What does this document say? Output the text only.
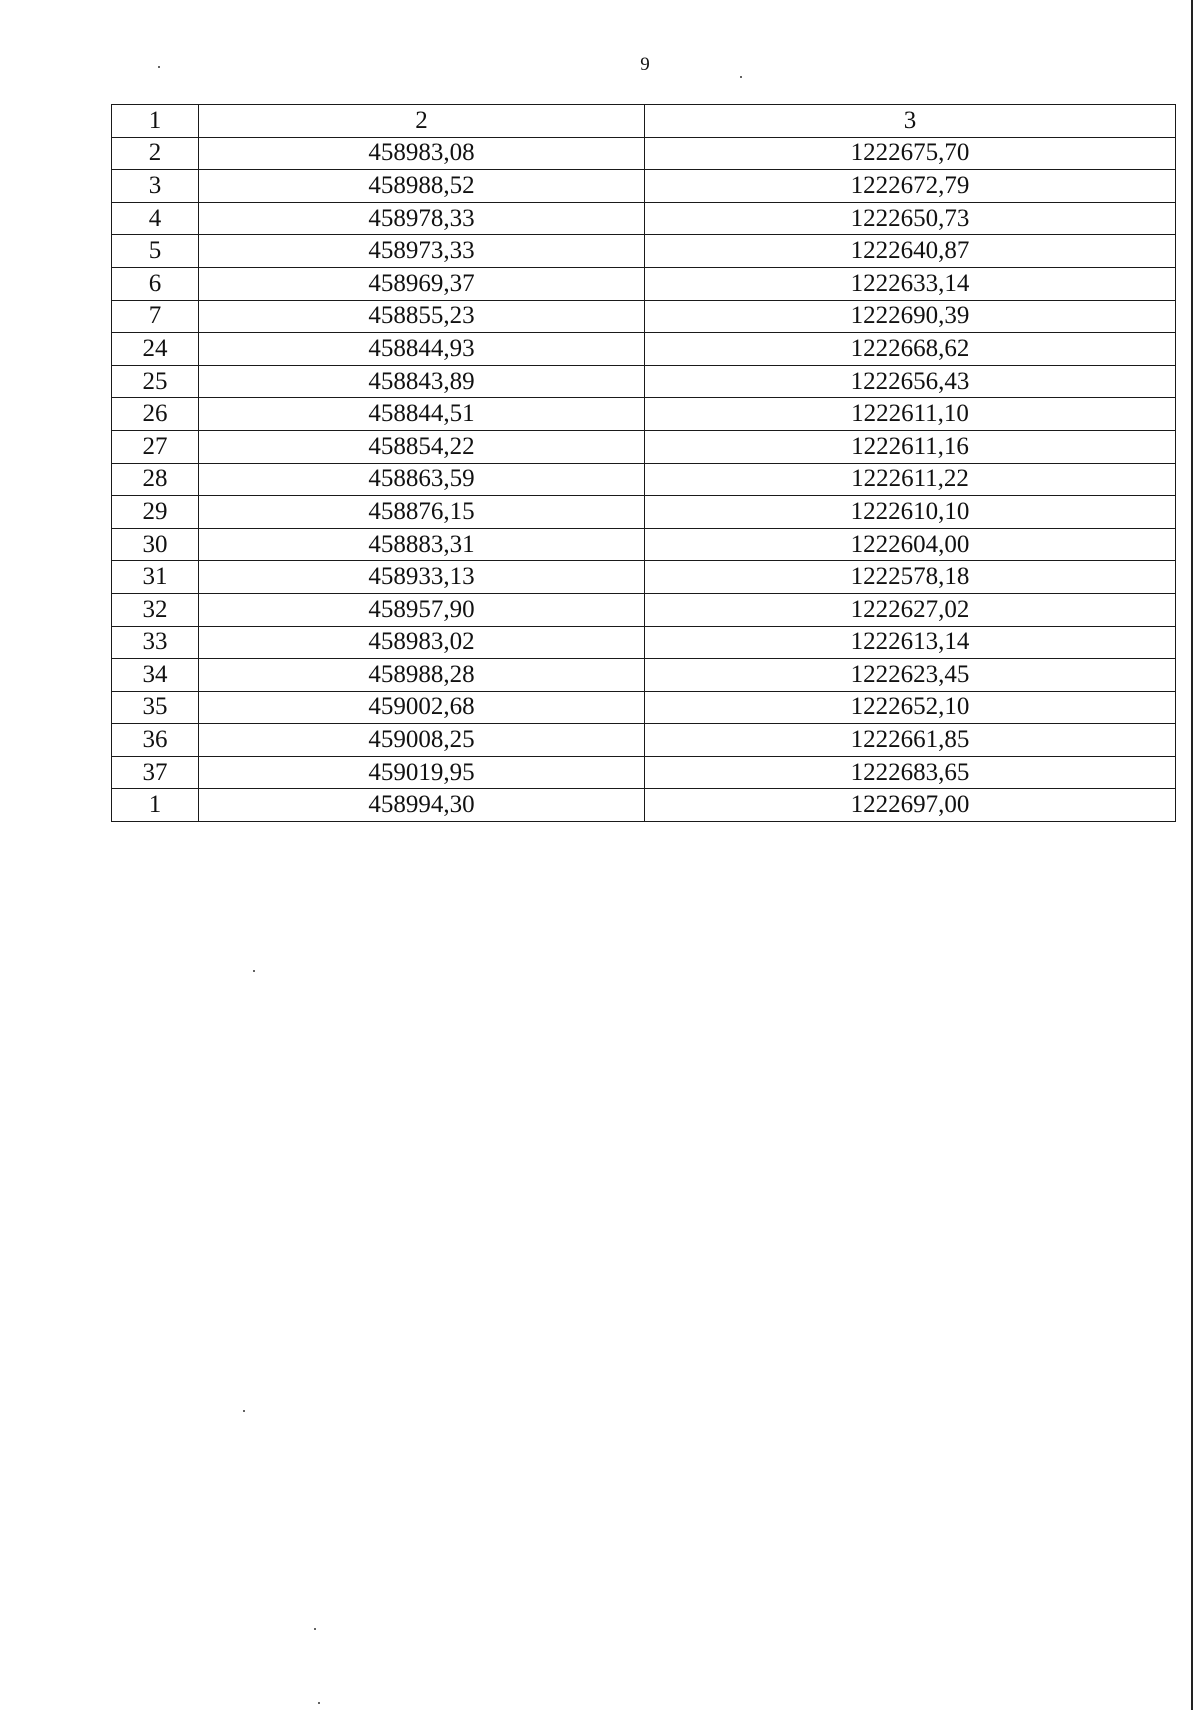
9
1	2	3
2	458983,08	1222675,70
3	458988,52	1222672,79
4	458978,33	1222650,73
5	458973,33	1222640,87
6	458969,37	1222633,14
7	458855,23	1222690,39
24	458844,93	1222668,62
25	458843,89	1222656,43
26	458844,51	1222611,10
27	458854,22	1222611,16
28	458863,59	1222611,22
29	458876,15	1222610,10
30	458883,31	1222604,00
31	458933,13	1222578,18
32	458957,90	1222627,02
33	458983,02	1222613,14
34	458988,28	1222623,45
35	459002,68	1222652,10
36	459008,25	1222661,85
37	459019,95	1222683,65
1	458994,30	1222697,00
